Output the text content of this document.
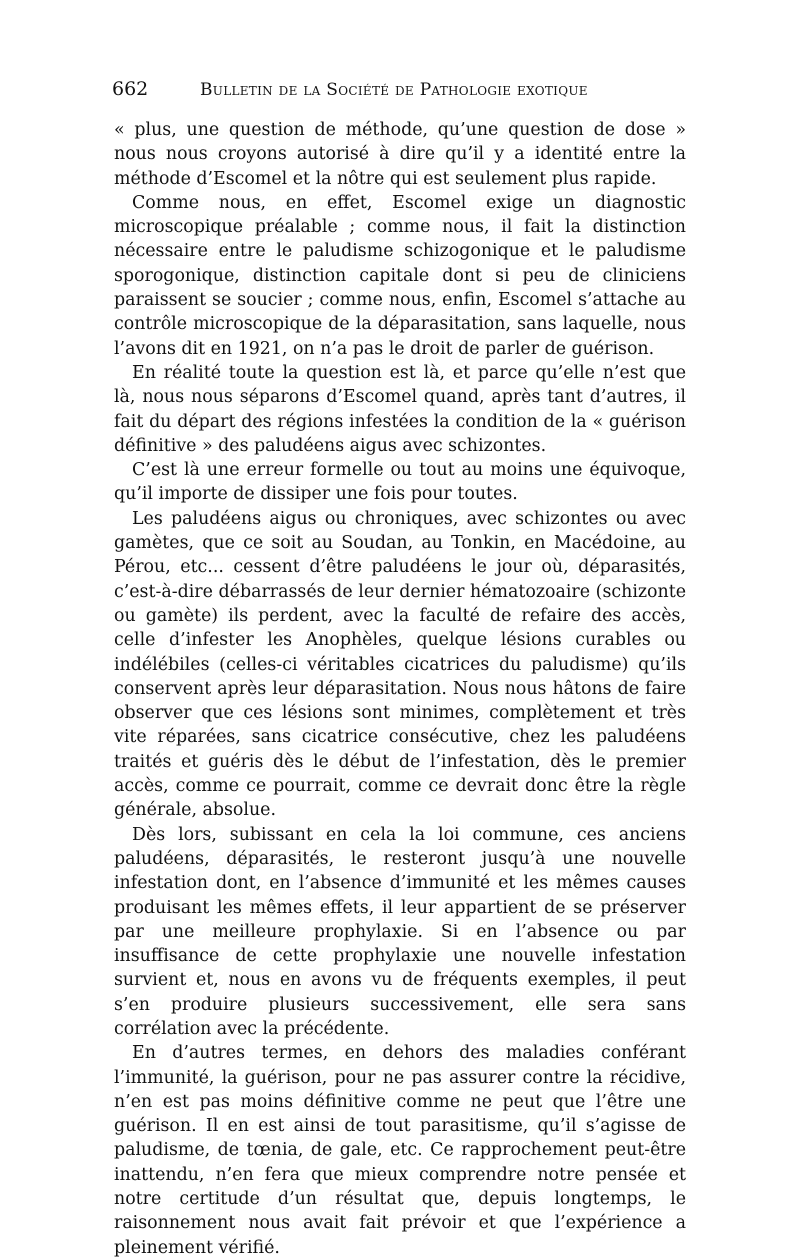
662	Bulletin de la Société de Pathologie exotique

« plus, une question de méthode, qu’une question de dose » nous nous croyons autorisé à dire qu’il y a identité entre la méthode d’Escomel et la nôtre qui est seulement plus rapide.

Comme nous, en effet, Escomel exige un diagnostic microscopique préalable ; comme nous, il fait la distinction nécessaire entre le paludisme schizogonique et le paludisme sporogonique, distinction capitale dont si peu de cliniciens paraissent se soucier ; comme nous, enfin, Escomel s’attache au contrôle microscopique de la déparasitation, sans laquelle, nous l’avons dit en 1921, on n’a pas le droit de parler de guérison.

En réalité toute la question est là, et parce qu’elle n’est que là, nous nous séparons d’Escomel quand, après tant d’autres, il fait du départ des régions infestées la condition de la « guérison définitive » des paludéens aigus avec schizontes.

C’est là une erreur formelle ou tout au moins une équivoque, qu’il importe de dissiper une fois pour toutes.

Les paludéens aigus ou chroniques, avec schizontes ou avec gamètes, que ce soit au Soudan, au Tonkin, en Macédoine, au Pérou, etc... cessent d’être paludéens le jour où, déparasités, c’est-à-dire débarrassés de leur dernier hématozoaire (schizonte ou gamète) ils perdent, avec la faculté de refaire des accès, celle d’infester les Anophèles, quelque lésions curables ou indélébiles (celles-ci véritables cicatrices du paludisme) qu’ils conservent après leur déparasitation. Nous nous hâtons de faire observer que ces lésions sont minimes, complètement et très vite réparées, sans cicatrice consécutive, chez les paludéens traités et guéris dès le début de l’infestation, dès le premier accès, comme ce pourrait, comme ce devrait donc être la règle générale, absolue.

Dès lors, subissant en cela la loi commune, ces anciens paludéens, déparasités, le resteront jusqu’à une nouvelle infestation dont, en l’absence d’immunité et les mêmes causes produisant les mêmes effets, il leur appartient de se préserver par une meilleure prophylaxie. Si en l’absence ou par insuffisance de cette prophylaxie une nouvelle infestation survient et, nous en avons vu de fréquents exemples, il peut s’en produire plusieurs successivement, elle sera sans corrélation avec la précédente.

En d’autres termes, en dehors des maladies conférant l’immunité, la guérison, pour ne pas assurer contre la récidive, n’en est pas moins définitive comme ne peut que l’être une guérison. Il en est ainsi de tout parasitisme, qu’il s’agisse de paludisme, de tœnia, de gale, etc. Ce rapprochement peut-être inattendu, n’en fera que mieux comprendre notre pensée et notre certitude d’un résultat que, depuis longtemps, le raisonnement nous avait fait prévoir et que l’expérience a pleinement vérifié.
